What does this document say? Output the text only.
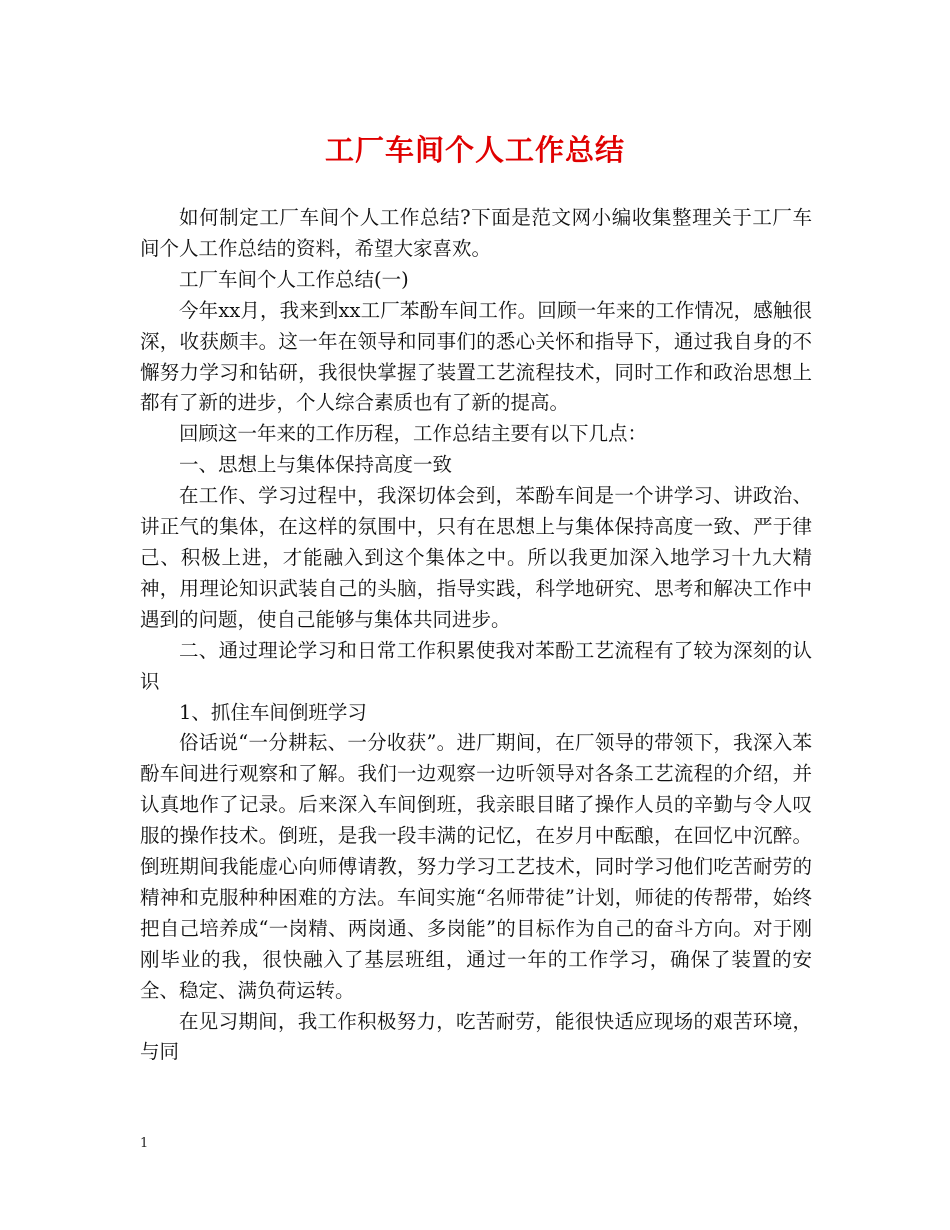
工厂车间个人工作总结

如何制定工厂车间个人工作总结?下面是范文网小编收集整理关于工厂车间个人工作总结的资料，希望大家喜欢。

工厂车间个人工作总结(一)

今年xx月，我来到xx工厂苯酚车间工作。回顾一年来的工作情况，感触很深，收获颇丰。这一年在领导和同事们的悉心关怀和指导下，通过我自身的不懈努力学习和钻研，我很快掌握了装置工艺流程技术，同时工作和政治思想上都有了新的进步，个人综合素质也有了新的提高。

回顾这一年来的工作历程，工作总结主要有以下几点：

一、思想上与集体保持高度一致

在工作、学习过程中，我深切体会到，苯酚车间是一个讲学习、讲政治、讲正气的集体，在这样的氛围中，只有在思想上与集体保持高度一致、严于律己、积极上进，才能融入到这个集体之中。所以我更加深入地学习十九大精神，用理论知识武装自己的头脑，指导实践，科学地研究、思考和解决工作中遇到的问题，使自己能够与集体共同进步。

二、通过理论学习和日常工作积累使我对苯酚工艺流程有了较为深刻的认识

1、抓住车间倒班学习

俗话说“一分耕耘、一分收获”。进厂期间，在厂领导的带领下，我深入苯酚车间进行观察和了解。我们一边观察一边听领导对各条工艺流程的介绍，并认真地作了记录。后来深入车间倒班，我亲眼目睹了操作人员的辛勤与令人叹服的操作技术。倒班，是我一段丰满的记忆，在岁月中酝酿，在回忆中沉醉。倒班期间我能虚心向师傅请教，努力学习工艺技术，同时学习他们吃苦耐劳的精神和克服种种困难的方法。车间实施“名师带徒”计划，师徒的传帮带，始终把自己培养成“一岗精、两岗通、多岗能”的目标作为自己的奋斗方向。对于刚刚毕业的我，很快融入了基层班组，通过一年的工作学习，确保了装置的安全、稳定、满负荷运转。

在见习期间，我工作积极努力，吃苦耐劳，能很快适应现场的艰苦环境，与同

1
